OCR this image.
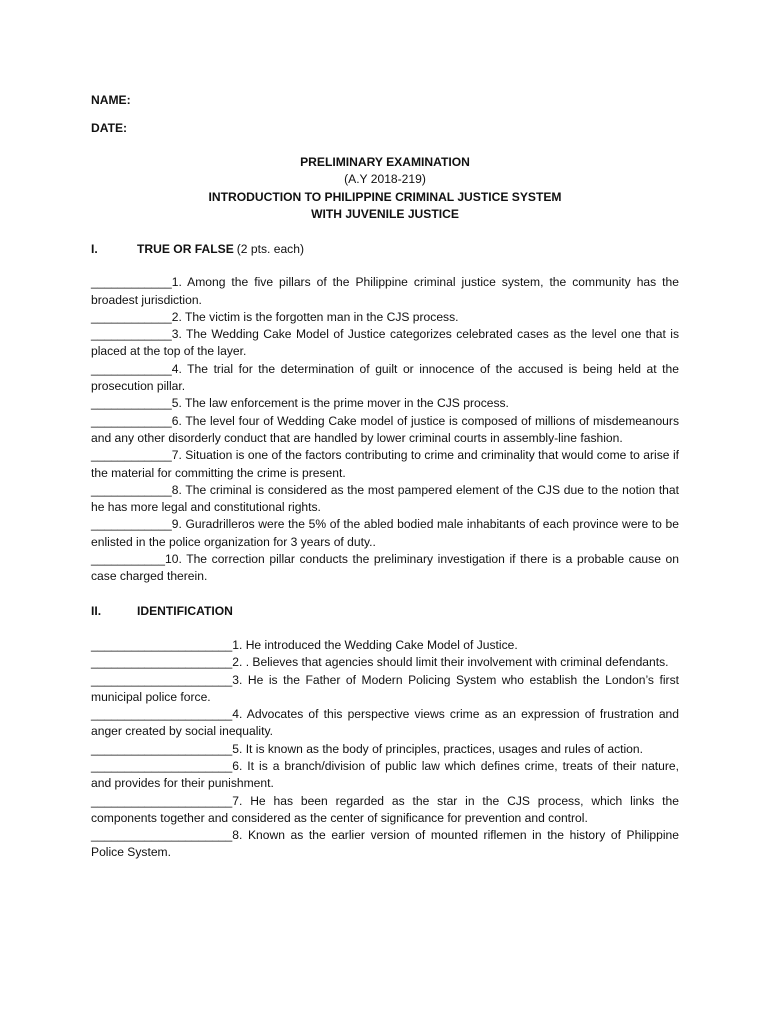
NAME:

DATE:

PRELIMINARY EXAMINATION
(A.Y 2018-219)
INTRODUCTION TO PHILIPPINE CRIMINAL JUSTICE SYSTEM
WITH JUVENILE JUSTICE
I.	TRUE OR FALSE (2 pts. each)

____________1. Among the five pillars of the Philippine criminal justice system, the community has the broadest jurisdiction.

____________2. The victim is the forgotten man in the CJS process.

____________3. The Wedding Cake Model of Justice categorizes celebrated cases as the level one that is placed at the top of the layer.

____________4. The trial for the determination of guilt or innocence of the accused is being held at the prosecution pillar.

____________5. The law enforcement is the prime mover in the CJS process.

____________6. The level four of Wedding Cake model of justice is composed of millions of misdemeanours and any other disorderly conduct that are handled by lower criminal courts in assembly-line fashion.

____________7. Situation is one of the factors contributing to crime and criminality that would come to arise if the material for committing the crime is present.

____________8. The criminal is considered as the most pampered element of the CJS due to the notion that he has more legal and constitutional rights.

____________9. Guradrilleros were the 5% of the abled bodied male inhabitants of each province were to be enlisted in the police organization for 3 years of duty..

___________10. The correction pillar conducts the preliminary investigation if there is a probable cause on case charged therein.

II.	IDENTIFICATION

_____________________1. He introduced the Wedding Cake Model of Justice.

_____________________2. . Believes that agencies should limit their involvement with criminal defendants.

_____________________3. He is the Father of Modern Policing System who establish the London’s first municipal police force.

_____________________4. Advocates of this perspective views crime as an expression of frustration and anger created by social inequality.

_____________________5. It is known as the body of principles, practices, usages and rules of action.

_____________________6. It is a branch/division of public law which defines crime, treats of their nature, and provides for their punishment.

_____________________7. He has been regarded as the star in the CJS process, which links the components together and considered as the center of significance for prevention and control.

_____________________8. Known as the earlier version of mounted riflemen in the history of Philippine Police System.
